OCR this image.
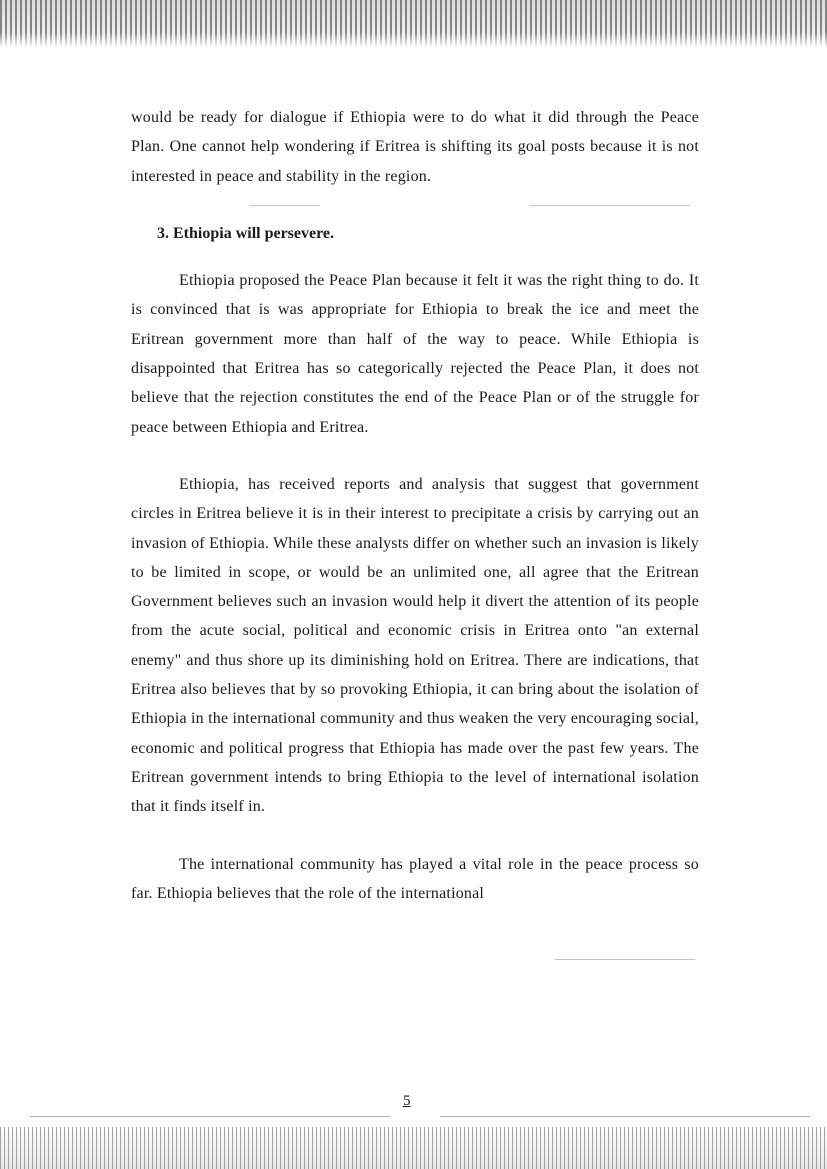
would be ready for dialogue if Ethiopia were to do what it did through the Peace Plan. One cannot help wondering if Eritrea is shifting its goal posts because it is not interested in peace and stability in the region.

3. Ethiopia will persevere.

Ethiopia proposed the Peace Plan because it felt it was the right thing to do. It is convinced that is was appropriate for Ethiopia to break the ice and meet the Eritrean government more than half of the way to peace. While Ethiopia is disappointed that Eritrea has so categorically rejected the Peace Plan, it does not believe that the rejection constitutes the end of the Peace Plan or of the struggle for peace between Ethiopia and Eritrea.

Ethiopia, has received reports and analysis that suggest that government circles in Eritrea believe it is in their interest to precipitate a crisis by carrying out an invasion of Ethiopia. While these analysts differ on whether such an invasion is likely to be limited in scope, or would be an unlimited one, all agree that the Eritrean Government believes such an invasion would help it divert the attention of its people from the acute social, political and economic crisis in Eritrea onto "an external enemy" and thus shore up its diminishing hold on Eritrea. There are indications, that Eritrea also believes that by so provoking Ethiopia, it can bring about the isolation of Ethiopia in the international community and thus weaken the very encouraging social, economic and political progress that Ethiopia has made over the past few years. The Eritrean government intends to bring Ethiopia to the level of international isolation that it finds itself in.

The international community has played a vital role in the peace process so far. Ethiopia believes that the role of the international

5
